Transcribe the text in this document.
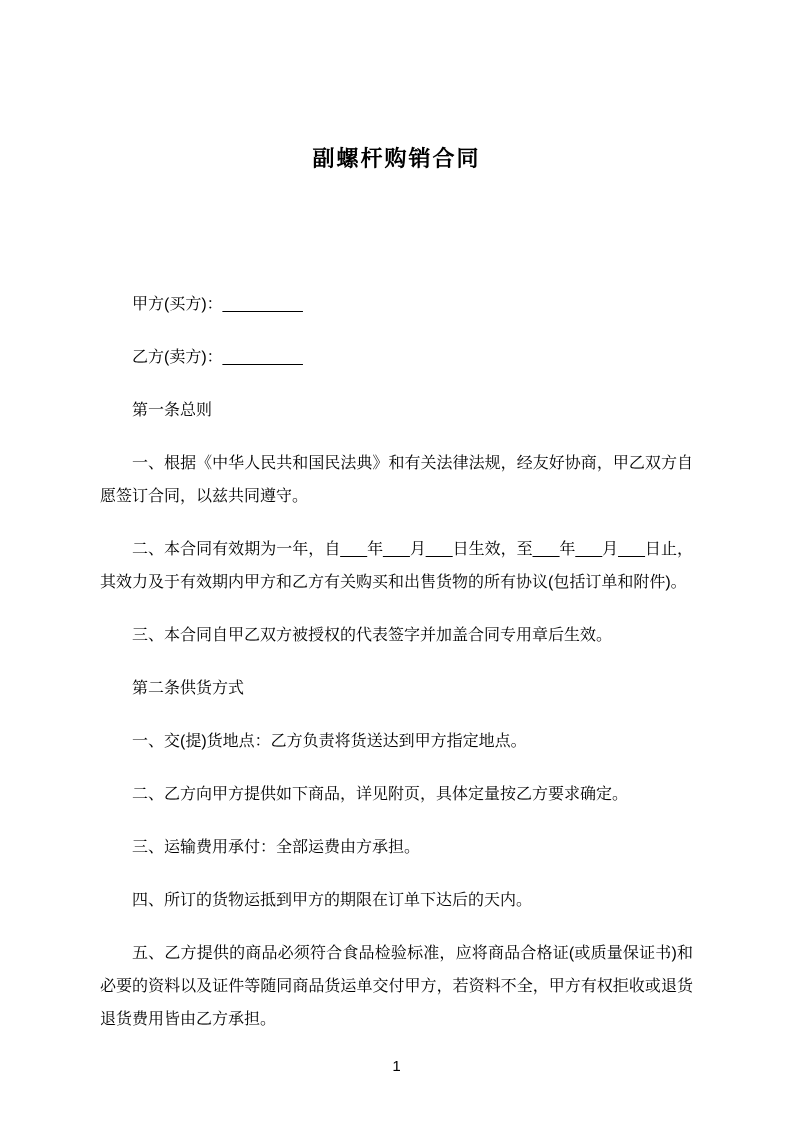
副螺杆购销合同

甲方(买方)：_________

乙方(卖方)：_________

第一条总则

一、根据《中华人民共和国民法典》和有关法律法规，经友好协商，甲乙双方自愿签订合同，以兹共同遵守。

二、本合同有效期为一年，自___年___月___日生效，至___年___月___日止，其效力及于有效期内甲方和乙方有关购买和出售货物的所有协议(包括订单和附件)。

三、本合同自甲乙双方被授权的代表签字并加盖合同专用章后生效。

第二条供货方式

一、交(提)货地点：乙方负责将货送达到甲方指定地点。

二、乙方向甲方提供如下商品，详见附页，具体定量按乙方要求确定。

三、运输费用承付：全部运费由方承担。

四、所订的货物运抵到甲方的期限在订单下达后的天内。

五、乙方提供的商品必须符合食品检验标准，应将商品合格证(或质量保证书)和必要的资料以及证件等随同商品货运单交付甲方，若资料不全，甲方有权拒收或退货退货费用皆由乙方承担。

1
